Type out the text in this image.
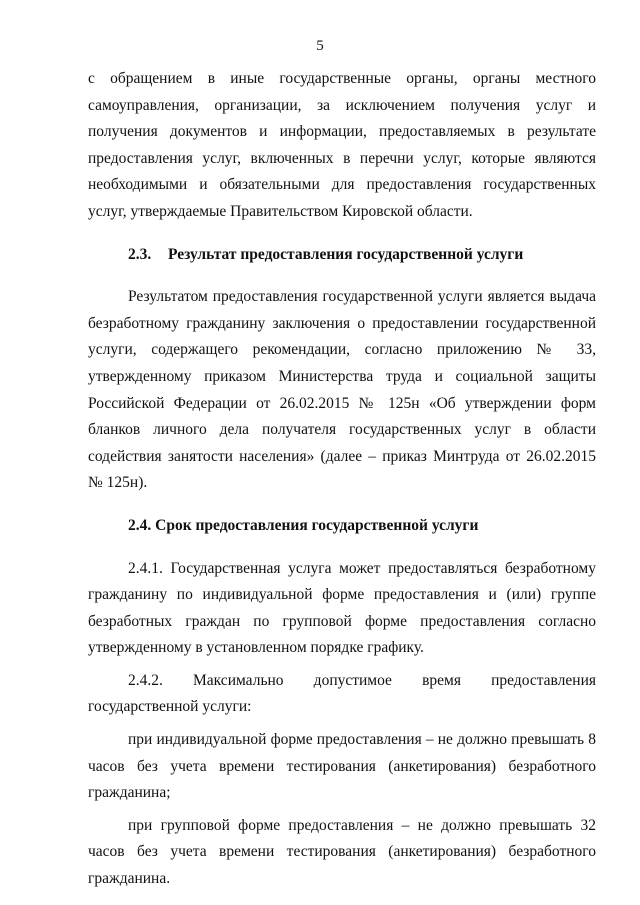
5

с обращением в иные государственные органы, органы местного самоуправления, организации, за исключением получения услуг и получения документов и информации, предоставляемых в результате предоставления услуг, включенных в перечни услуг, которые являются необходимыми и обязательными для предоставления государственных услуг, утверждаемые Правительством Кировской области.

2.3. Результат предоставления государственной услуги

Результатом предоставления государственной услуги является выдача безработному гражданину заключения о предоставлении государственной услуги, содержащего рекомендации, согласно приложению № 33, утвержденному приказом Министерства труда и социальной защиты Российской Федерации от 26.02.2015 № 125н «Об утверждении форм бланков личного дела получателя государственных услуг в области содействия занятости населения» (далее – приказ Минтруда от 26.02.2015 № 125н).

2.4. Срок предоставления государственной услуги

2.4.1. Государственная услуга может предоставляться безработному гражданину по индивидуальной форме предоставления и (или) группе безработных граждан по групповой форме предоставления согласно утвержденному в установленном порядке графику.

2.4.2. Максимально допустимое время предоставления государственной услуги:

при индивидуальной форме предоставления – не должно превышать 8 часов без учета времени тестирования (анкетирования) безработного гражданина;

при групповой форме предоставления – не должно превышать 32 часов без учета времени тестирования (анкетирования) безработного гражданина.
